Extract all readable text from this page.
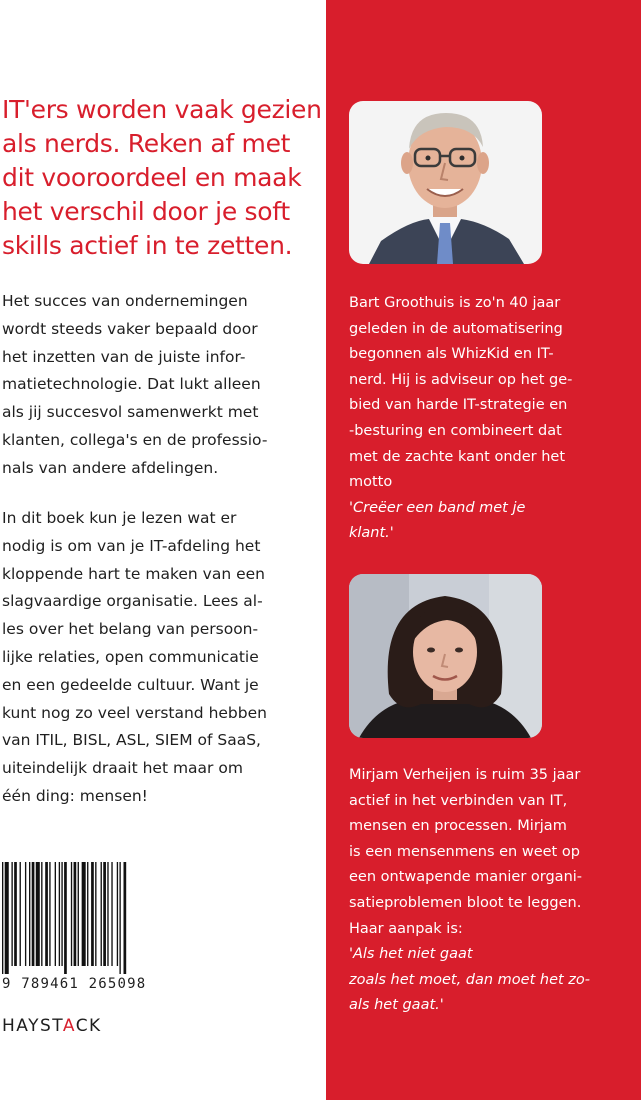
IT'ers worden vaak gezien
als nerds. Reken af met
dit vooroordeel en maak
het verschil door je soft
skills actief in te zetten.
Het succes van ondernemingen
wordt steeds vaker bepaald door
het inzetten van de juiste infor-
matietechnologie. Dat lukt alleen
als jij succesvol samenwerkt met
klanten, collega's en de professio-
nals van andere afdelingen.
In dit boek kun je lezen wat er
nodig is om van je IT-afdeling het
kloppende hart te maken van een
slagvaardige organisatie. Lees al-
les over het belang van persoon-
lijke relaties, open communicatie
en een gedeelde cultuur. Want je
kunt nog zo veel verstand hebben
van ITIL, BISL, ASL, SIEM of SaaS,
uiteindelijk draait het maar om
één ding: mensen!
9 789461 265098
HAYSTACK
Bart Groothuis is zo'n 40 jaar
geleden in de automatisering
begonnen als WhizKid en IT-
nerd. Hij is adviseur op het ge-
bied van harde IT-strategie en
-besturing en combineert dat
met de zachte kant onder het
motto
'Creëer een band met je
klant.'
Mirjam Verheijen is ruim 35 jaar
actief in het verbinden van IT,
mensen en processen. Mirjam
is een mensenmens en weet op
een ontwapende manier organi-
satieproblemen bloot te leggen.
Haar aanpak is:
'Als het niet gaat
zoals het moet, dan moet het zo-
als het gaat.'
